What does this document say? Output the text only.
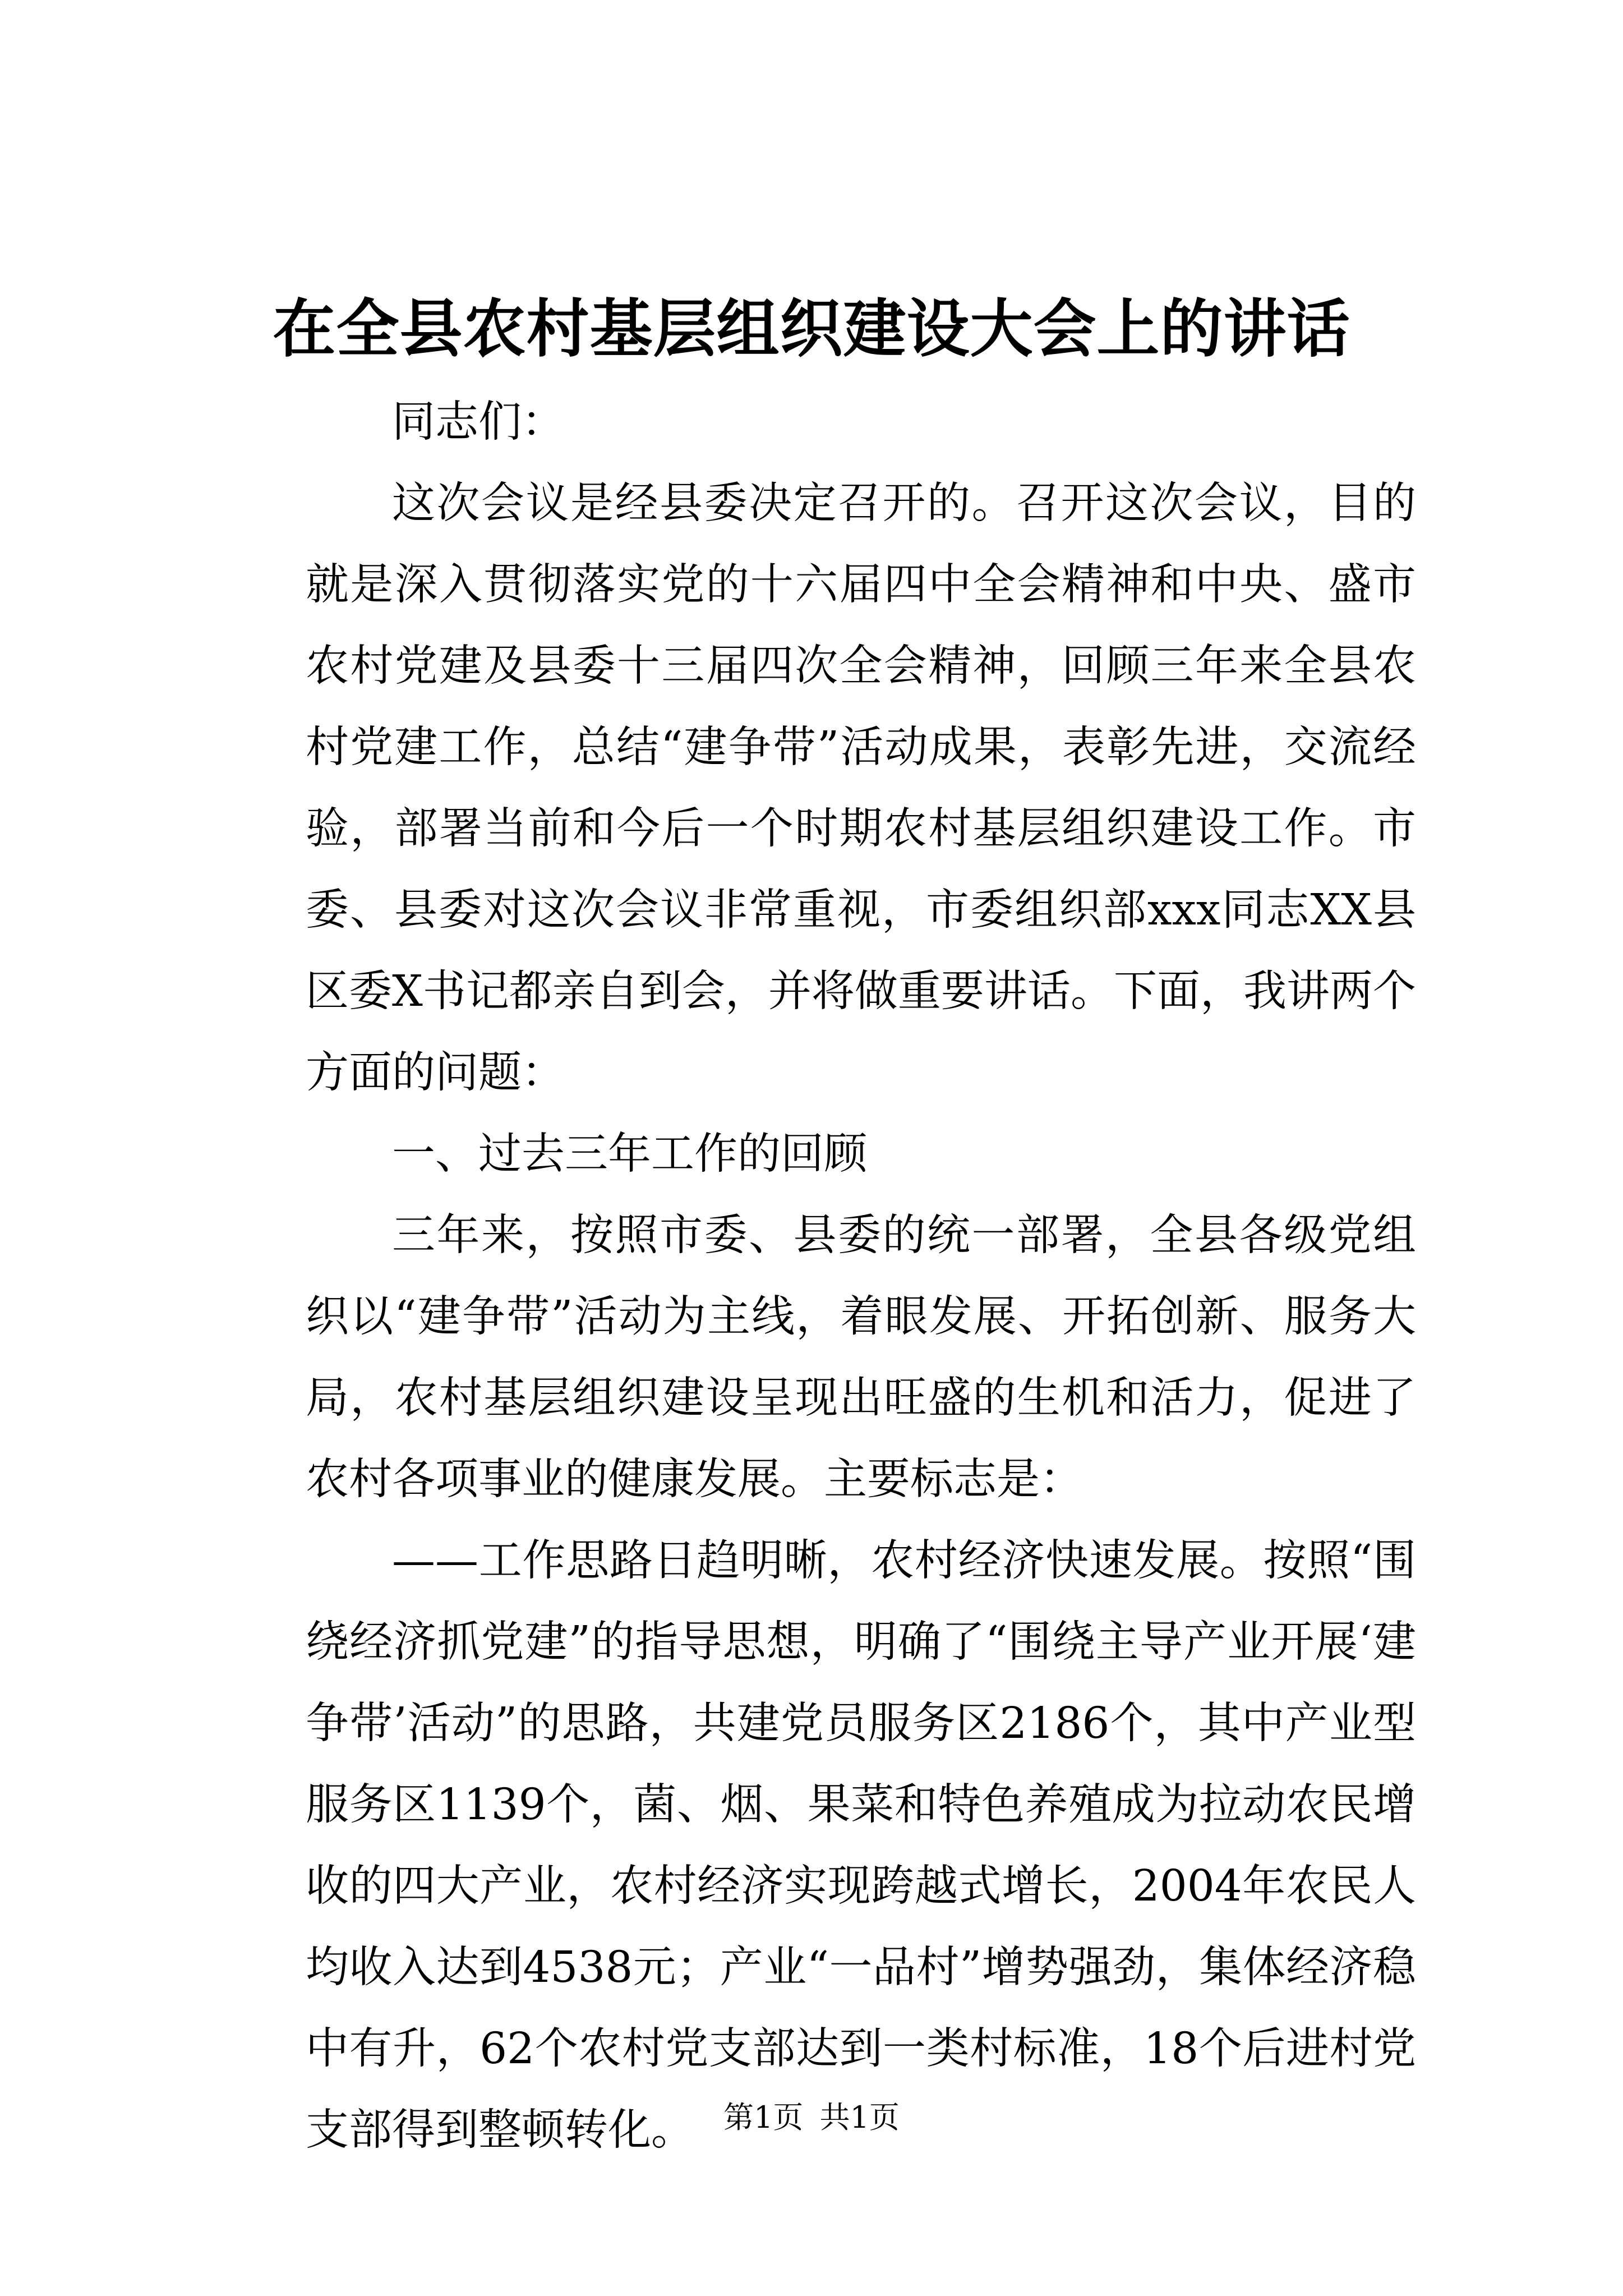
在全县农村基层组织建设大会上的讲话

同志们：

这次会议是经县委决定召开的。召开这次会议，目的就是深入贯彻落实党的十六届四中全会精神和中央、盛市农村党建及县委十三届四次全会精神，回顾三年来全县农村党建工作，总结“建争带”活动成果，表彰先进，交流经验，部署当前和今后一个时期农村基层组织建设工作。市委、县委对这次会议非常重视，市委组织部xxx同志XX县区委X书记都亲自到会，并将做重要讲话。下面，我讲两个方面的问题：

一、过去三年工作的回顾

三年来，按照市委、县委的统一部署，全县各级党组织以“建争带”活动为主线，着眼发展、开拓创新、服务大局，农村基层组织建设呈现出旺盛的生机和活力，促进了农村各项事业的健康发展。主要标志是：

——工作思路日趋明晰，农村经济快速发展。按照“围绕经济抓党建”的指导思想，明确了“围绕主导产业开展‘建争带’活动”的思路，共建党员服务区2186个，其中产业型服务区1139个，菌、烟、果菜和特色养殖成为拉动农民增收的四大产业，农村经济实现跨越式增长，2004年农民人均收入达到4538元；产业“一品村”增势强劲，集体经济稳中有升，62个农村党支部达到一类村标准，18个后进村党支部得到整顿转化。 第1页 共1页
